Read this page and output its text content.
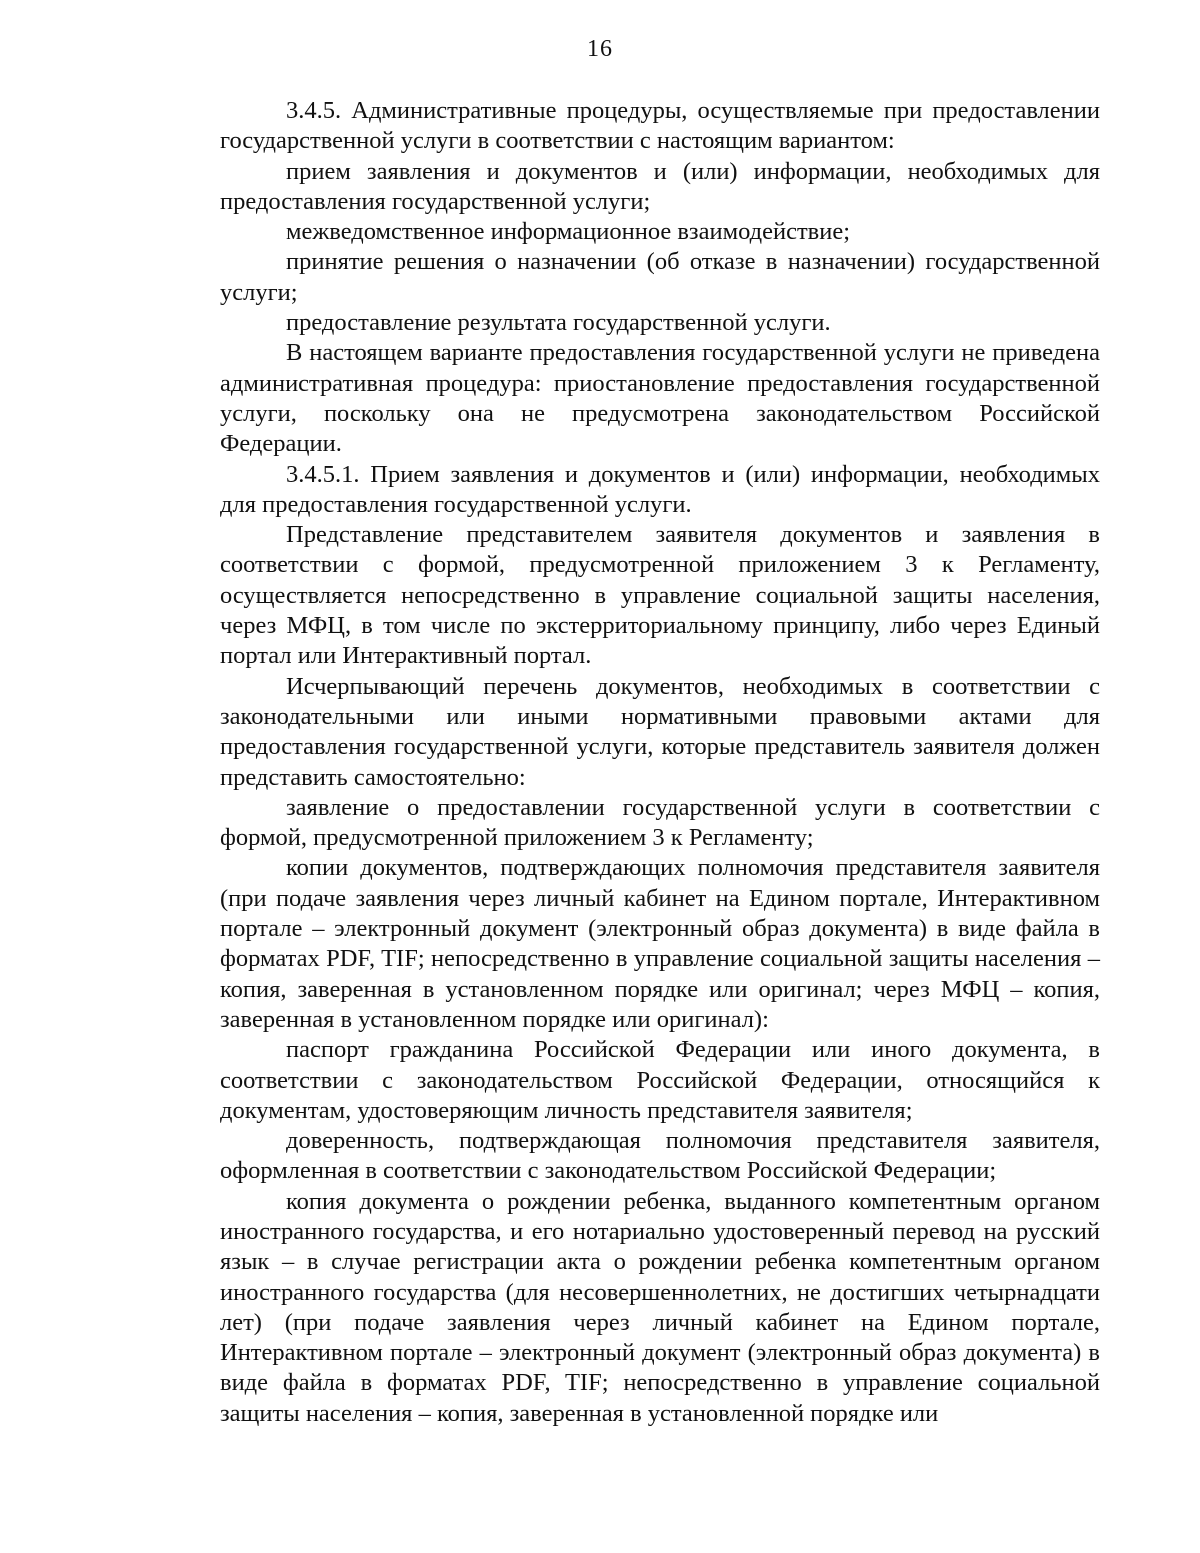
16

3.4.5. Административные процедуры, осуществляемые при предоставлении государственной услуги в соответствии с настоящим вариантом:

прием заявления и документов и (или) информации, необходимых для предоставления государственной услуги;

межведомственное информационное взаимодействие;

принятие решения о назначении (об отказе в назначении) государственной услуги;

предоставление результата государственной услуги.

В настоящем варианте предоставления государственной услуги не приведена административная процедура: приостановление предоставления государственной услуги, поскольку она не предусмотрена законодательством Российской Федерации.

3.4.5.1. Прием заявления и документов и (или) информации, необходимых для предоставления государственной услуги.

Представление представителем заявителя документов и заявления в соответствии с формой, предусмотренной приложением 3 к Регламенту, осуществляется непосредственно в управление социальной защиты населения, через МФЦ, в том числе по экстерриториальному принципу, либо через Единый портал или Интерактивный портал.

Исчерпывающий перечень документов, необходимых в соответствии с законодательными или иными нормативными правовыми актами для предоставления государственной услуги, которые представитель заявителя должен представить самостоятельно:

заявление о предоставлении государственной услуги в соответствии с формой, предусмотренной приложением 3 к Регламенту;

копии документов, подтверждающих полномочия представителя заявителя (при подаче заявления через личный кабинет на Едином портале, Интерактивном портале – электронный документ (электронный образ документа) в виде файла в форматах PDF, TIF; непосредственно в управление социальной защиты населения – копия, заверенная в установленном порядке или оригинал; через МФЦ – копия, заверенная в установленном порядке или оригинал):

паспорт гражданина Российской Федерации или иного документа, в соответствии с законодательством Российской Федерации, относящийся к документам, удостоверяющим личность представителя заявителя;

доверенность, подтверждающая полномочия представителя заявителя, оформленная в соответствии с законодательством Российской Федерации;

копия документа о рождении ребенка, выданного компетентным органом иностранного государства, и его нотариально удостоверенный перевод на русский язык – в случае регистрации акта о рождении ребенка компетентным органом иностранного государства (для несовершеннолетних, не достигших четырнадцати лет) (при подаче заявления через личный кабинет на Едином портале, Интерактивном портале – электронный документ (электронный образ документа) в виде файла в форматах PDF, TIF; непосредственно в управление социальной защиты населения – копия, заверенная в установленной порядке или
